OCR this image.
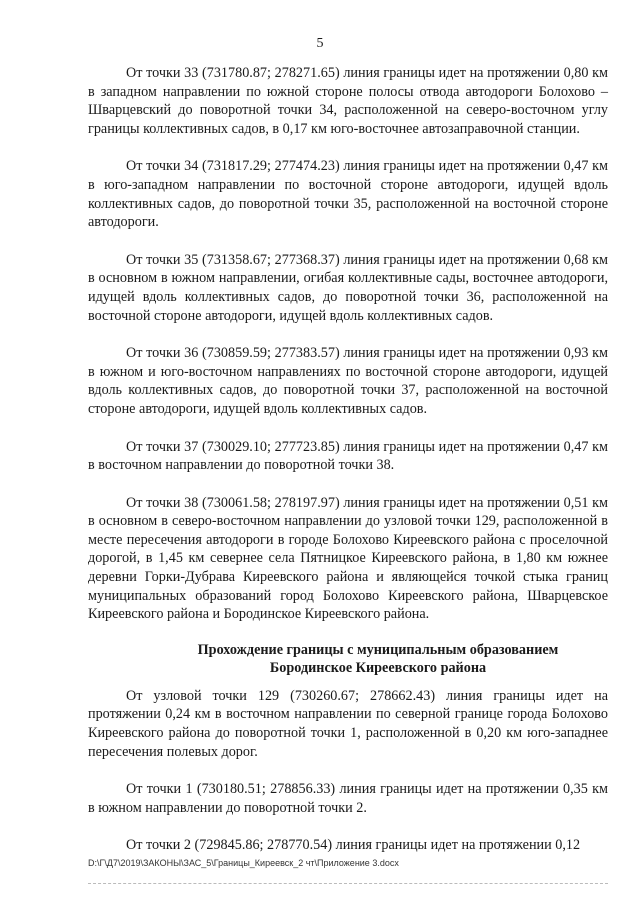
5

От точки 33 (731780.87; 278271.65) линия границы идет на протяжении 0,80 км в западном направлении по южной стороне полосы отвода автодороги Болохово – Шварцевский до поворотной точки 34, расположенной на северо-восточном углу границы коллективных садов, в 0,17 км юго-восточнее автозаправочной станции.

От точки 34 (731817.29; 277474.23) линия границы идет на протяжении 0,47 км в юго-западном направлении по восточной стороне автодороги, идущей вдоль коллективных садов, до поворотной точки 35, расположенной на восточной стороне автодороги.

От точки 35 (731358.67; 277368.37) линия границы идет на протяжении 0,68 км в основном в южном направлении, огибая коллективные сады, восточнее автодороги, идущей вдоль коллективных садов, до поворотной точки 36, расположенной на восточной стороне автодороги, идущей вдоль коллективных садов.

От точки 36 (730859.59; 277383.57) линия границы идет на протяжении 0,93 км в южном и юго-восточном направлениях по восточной стороне автодороги, идущей вдоль коллективных садов, до поворотной точки 37, расположенной на восточной стороне автодороги, идущей вдоль коллективных садов.

От точки 37 (730029.10; 277723.85) линия границы идет на протяжении 0,47 км в восточном направлении до поворотной точки 38.

От точки 38 (730061.58; 278197.97) линия границы идет на протяжении 0,51 км в основном в северо-восточном направлении до узловой точки 129, расположенной в месте пересечения автодороги в городе Болохово Киреевского района с проселочной дорогой, в 1,45 км севернее села Пятницкое Киреевского района, в 1,80 км южнее деревни Горки-Дубрава Киреевского района и являющейся точкой стыка границ муниципальных образований город Болохово Киреевского района, Шварцевское Киреевского района и Бородинское Киреевского района.

Прохождение границы с муниципальным образованием
Бородинское Киреевского района

От узловой точки 129 (730260.67; 278662.43) линия границы идет на протяжении 0,24 км в восточном направлении по северной границе города Болохово Киреевского района до поворотной точки 1, расположенной в 0,20 км юго-западнее пересечения полевых дорог.

От точки 1 (730180.51; 278856.33) линия границы идет на протяжении 0,35 км в южном направлении до поворотной точки 2.

От точки 2 (729845.86; 278770.54) линия границы идет на протяжении 0,12

D:\Г\Д7\2019\ЗАКОНЫ\ЗАС_5\Границы_Киреевск_2 чт\Приложение 3.docx
